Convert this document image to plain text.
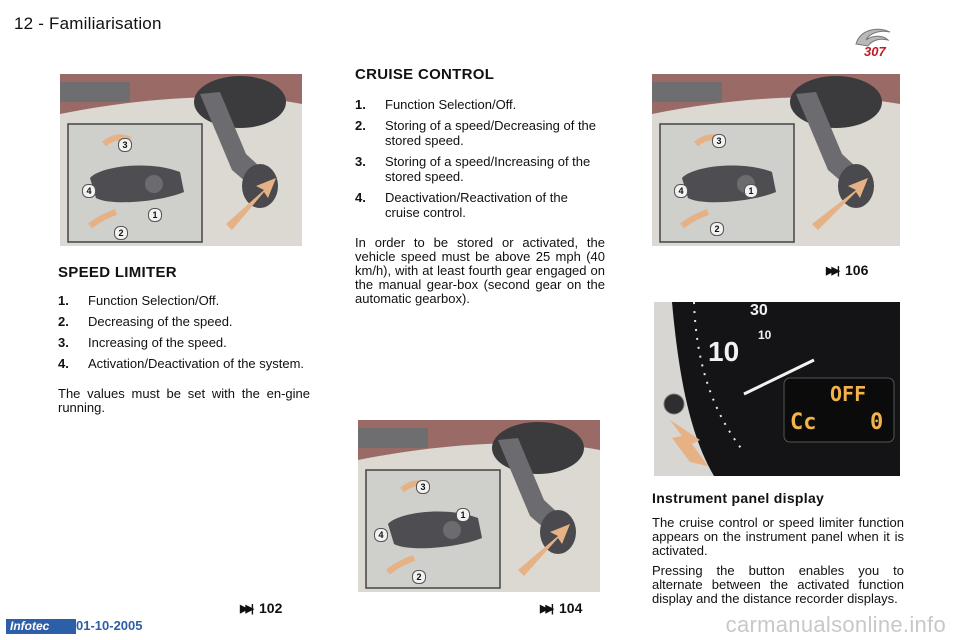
12 - Familiarisation
307
3
4
1
2
CRUISE CONTROL
1. Function Selection/Off.
2. Storing of a speed/Decreasing of the stored speed.
3. Storing of a speed/Increasing of the stored speed.
4. Deactivation/Reactivation of the cruise control.

In order to be stored or activated, the vehicle speed must be above 25 mph (40 km/h), with at least fourth gear engaged on the manual gear-box (second gear on the automatic gearbox).

3
4	1
2
SPEED LIMITER
1. Function Selection/Off.
2. Decreasing of the speed.
3. Increasing of the speed.
4. Activation/Deactivation of the system.

The values must be set with the en-gine running.

▶▶| 106
30
10
10
OFF
Cc 0
3
4
1
2
Instrument panel display

The cruise control or speed limiter function appears on the instrument panel when it is activated.

Pressing the button enables you to alternate between the activated function display and the distance recorder displays.

▶▶| 102	▶▶| 104
Infotec	01-10-2005	carmanualsonline.info
